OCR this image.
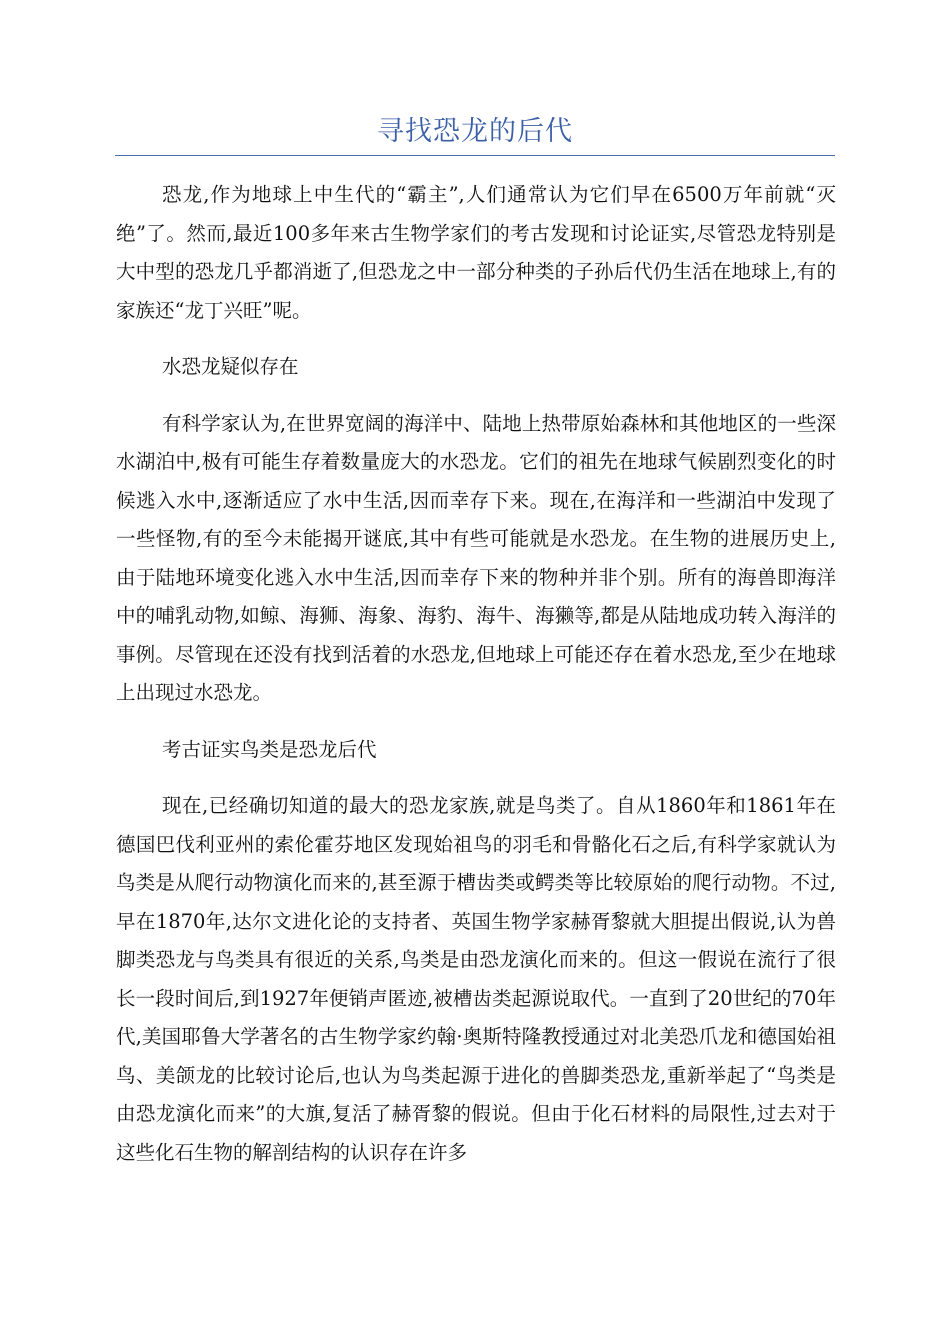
寻找恐龙的后代

恐龙,作为地球上中生代的“霸主”,人们通常认为它们早在6500万年前就“灭绝”了。然而,最近100多年来古生物学家们的考古发现和讨论证实,尽管恐龙特别是大中型的恐龙几乎都消逝了,但恐龙之中一部分种类的子孙后代仍生活在地球上,有的家族还“龙丁兴旺”呢。

水恐龙疑似存在

有科学家认为,在世界宽阔的海洋中、陆地上热带原始森林和其他地区的一些深水湖泊中,极有可能生存着数量庞大的水恐龙。它们的祖先在地球气候剧烈变化的时候逃入水中,逐渐适应了水中生活,因而幸存下来。现在,在海洋和一些湖泊中发现了一些怪物,有的至今未能揭开谜底,其中有些可能就是水恐龙。在生物的进展历史上,由于陆地环境变化逃入水中生活,因而幸存下来的物种并非个别。所有的海兽即海洋中的哺乳动物,如鲸、海狮、海象、海豹、海牛、海獭等,都是从陆地成功转入海洋的事例。尽管现在还没有找到活着的水恐龙,但地球上可能还存在着水恐龙,至少在地球上出现过水恐龙。

考古证实鸟类是恐龙后代

现在,已经确切知道的最大的恐龙家族,就是鸟类了。自从1860年和1861年在德国巴伐利亚州的索伦霍芬地区发现始祖鸟的羽毛和骨骼化石之后,有科学家就认为鸟类是从爬行动物演化而来的,甚至源于槽齿类或鳄类等比较原始的爬行动物。不过,早在1870年,达尔文进化论的支持者、英国生物学家赫胥黎就大胆提出假说,认为兽脚类恐龙与鸟类具有很近的关系,鸟类是由恐龙演化而来的。但这一假说在流行了很长一段时间后,到1927年便销声匿迹,被槽齿类起源说取代。一直到了20世纪的70年代,美国耶鲁大学著名的古生物学家约翰·奥斯特隆教授通过对北美恐爪龙和德国始祖鸟、美颌龙的比较讨论后,也认为鸟类起源于进化的兽脚类恐龙,重新举起了“鸟类是由恐龙演化而来”的大旗,复活了赫胥黎的假说。但由于化石材料的局限性,过去对于这些化石生物的解剖结构的认识存在许多
